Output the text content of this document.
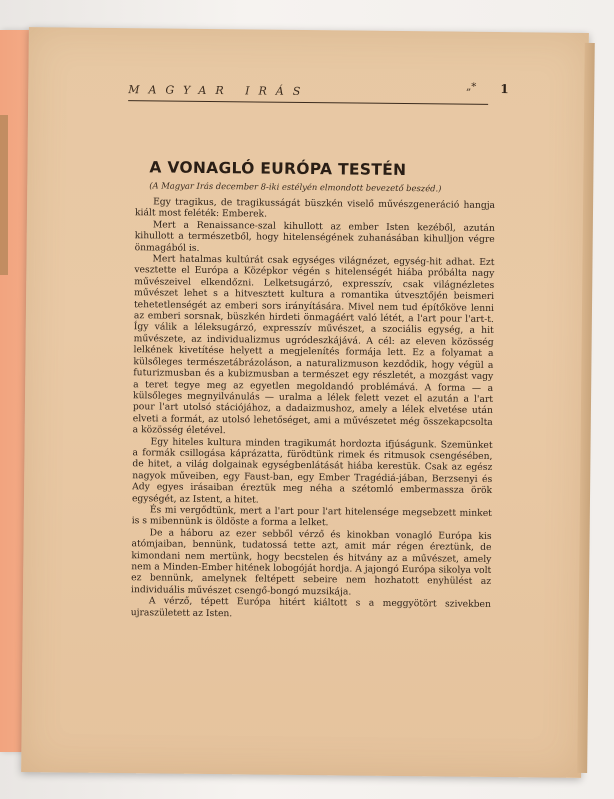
MAGYAR IRÁS	„* 1
A VONAGLÓ EURÓPA TESTÉN
(A Magyar Irás december 8-iki estélyén elmondott bevezető beszéd.)

Egy tragikus, de tragikusságát büszkén viselő művészgeneráció hangja kiált most feléték: Emberek.

Mert a Renaissance-szal kihullott az ember Isten kezéből, azután kihullott a természetből, hogy hitelenségének zuhanásában kihulljon végre önmagából is.

Mert hatalmas kultúrát csak egységes világnézet, egység-hit adhat. Ezt vesztette el Európa a Középkor végén s hitelenségét hiába próbálta nagy művészeivel elkendőzni. Lelketsugárzó, expresszív, csak világnézletes művészet lehet s a hitvesztett kultura a romantika útvesztőjén beismeri tehetetlenségét az emberi sors irányítására. Mivel nem tud építőköve lenni az emberi sorsnak, büszkén hirdeti önmagáért való létét, a l'art pour l'art-t. Így válik a léleksugárzó, expresszív művészet, a szociális egység, a hit művészete, az individualizmus ugródeszkájává. A cél: az eleven közösség lelkének kivetítése helyett a megjelenítés formája lett. Ez a folyamat a külsőleges természetábrázoláson, a naturalizmuson kezdődik, hogy végül a futurizmusban és a kubizmusban a természet egy részletét, a mozgást vagy a teret tegye meg az egyetlen megoldandó problémává. A forma — a külsőleges megnyilvánulás — uralma a lélek felett vezet el azután a l'art pour l'art utolsó stációjához, a dadaizmushoz, amely a lélek elvetése után elveti a formát, az utolsó lehetőséget, ami a művészetet még összekapcsolta a közösség életével.

Egy hiteles kultura minden tragikumát hordozta ifjúságunk. Szemünket a formák csillogása káprázatta, fürödtünk rimek és ritmusok csengésében, de hitet, a világ dolgainak egységbenlátását hiába kerestük. Csak az egész nagyok műveiben, egy Faust-ban, egy Ember Tragédiá-jában, Berzsenyi és Ady egyes irásaiban éreztük meg néha a szétomló embermassza örök egységét, az Istent, a hitet.

És mi vergődtünk, mert a l'art pour l'art hitelensége megsebzett minket is s mibennünk is öldöste a forma a lelket.

De a háboru az ezer sebből vérző és kinokban vonagló Európa kis atómjaiban, bennünk, tudatossá tette azt, amit már régen éreztünk, de kimondani nem mertünk, hogy becstelen és hitvány az a művészet, amely nem a Minden-Ember hitének lobogóját hordja. A jajongó Európa sikolya volt ez bennünk, amelynek feltépett sebeire nem hozhatott enyhülést az individuális művészet csengő-bongó muzsikája.

A vérző, tépett Európa hitért kiáltott s a meggyötört szivekben ujraszületett az Isten.
